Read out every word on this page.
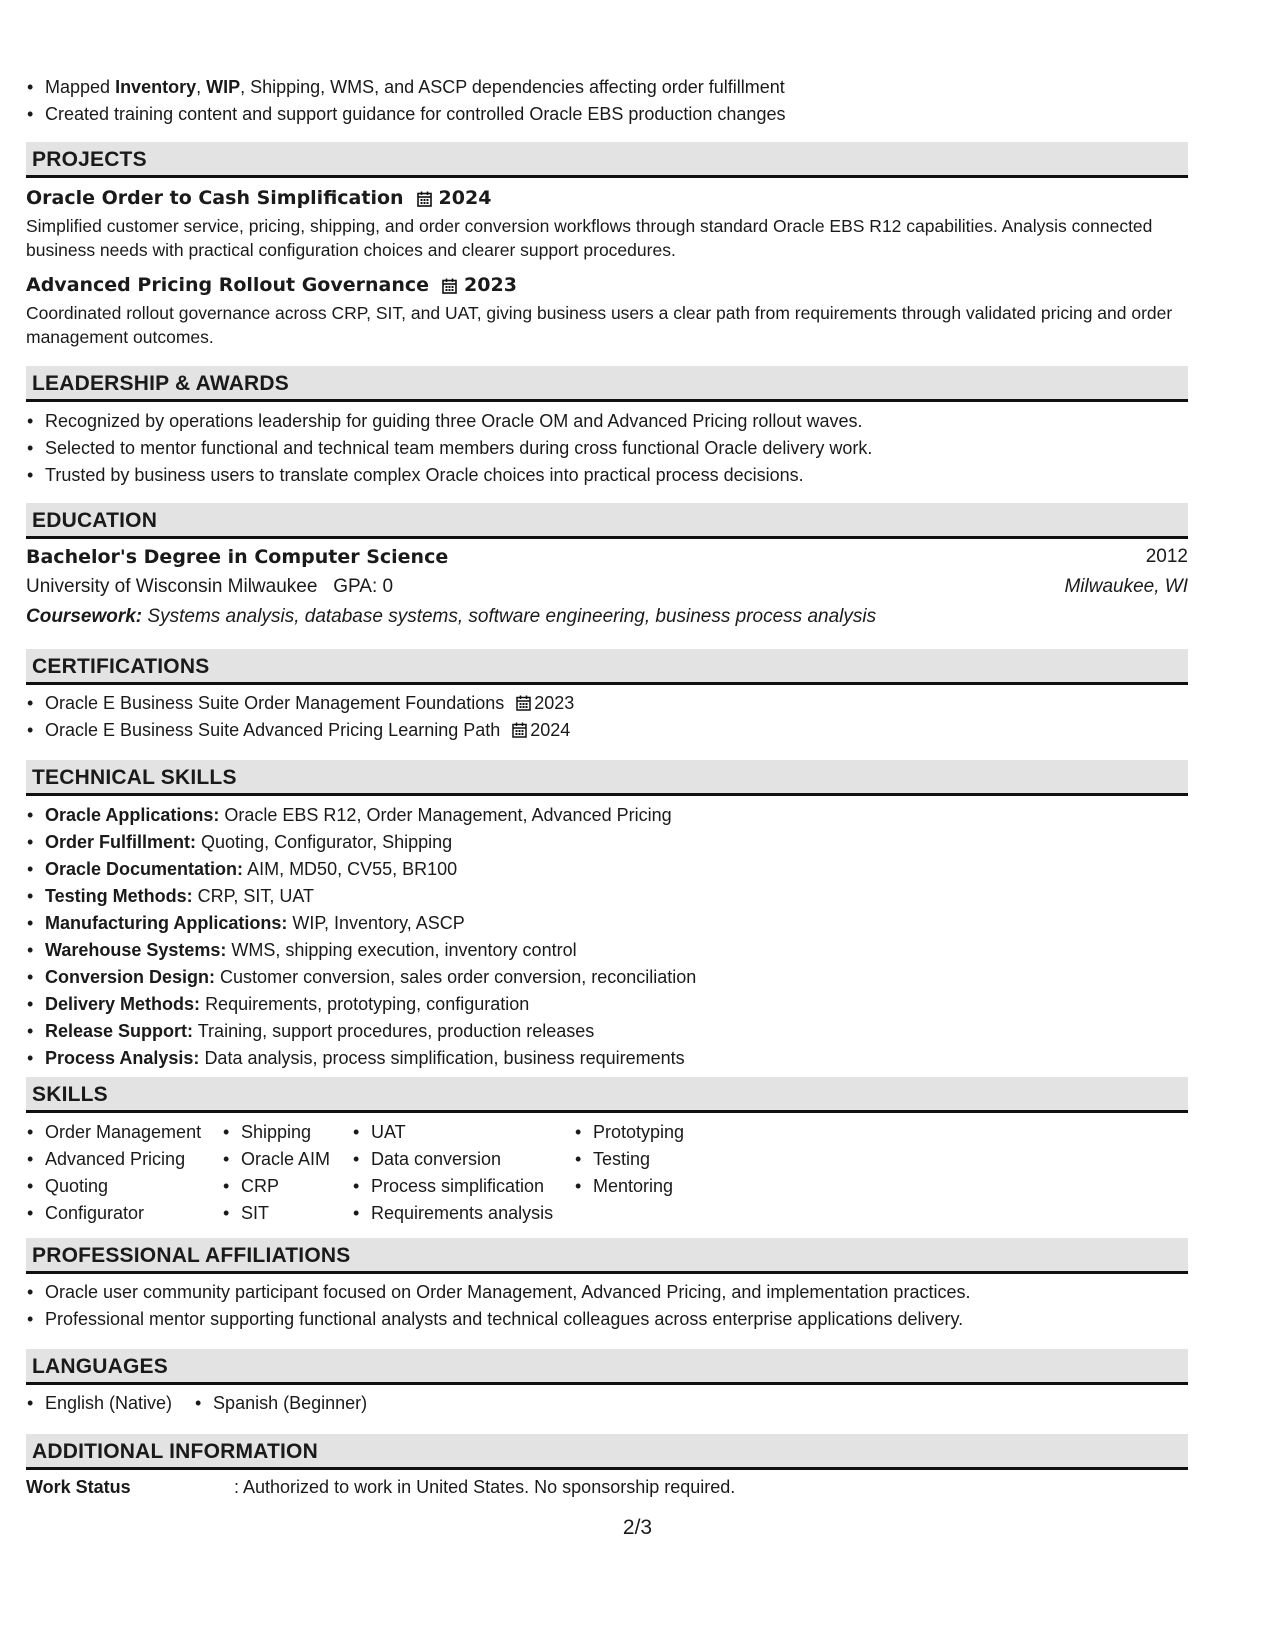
• Mapped Inventory, WIP, Shipping, WMS, and ASCP dependencies affecting order fulfillment
• Created training content and support guidance for controlled Oracle EBS production changes
PROJECTS
Oracle Order to Cash Simplification 2024
Simplified customer service, pricing, shipping, and order conversion workflows through standard Oracle EBS R12 capabilities. Analysis connected business needs with practical configuration choices and clearer support procedures.
Advanced Pricing Rollout Governance 2023
Coordinated rollout governance across CRP, SIT, and UAT, giving business users a clear path from requirements through validated pricing and order management outcomes.
LEADERSHIP & AWARDS
• Recognized by operations leadership for guiding three Oracle OM and Advanced Pricing rollout waves.
• Selected to mentor functional and technical team members during cross functional Oracle delivery work.
• Trusted by business users to translate complex Oracle choices into practical process decisions.
EDUCATION
Bachelor's Degree in Computer Science	2012
University of Wisconsin Milwaukee GPA: 0	Milwaukee, WI
Coursework: Systems analysis, database systems, software engineering, business process analysis
CERTIFICATIONS
• Oracle E Business Suite Order Management Foundations 2023
• Oracle E Business Suite Advanced Pricing Learning Path 2024
TECHNICAL SKILLS
• Oracle Applications: Oracle EBS R12, Order Management, Advanced Pricing
• Order Fulfillment: Quoting, Configurator, Shipping
• Oracle Documentation: AIM, MD50, CV55, BR100
• Testing Methods: CRP, SIT, UAT
• Manufacturing Applications: WIP, Inventory, ASCP
• Warehouse Systems: WMS, shipping execution, inventory control
• Conversion Design: Customer conversion, sales order conversion, reconciliation
• Delivery Methods: Requirements, prototyping, configuration
• Release Support: Training, support procedures, production releases
• Process Analysis: Data analysis, process simplification, business requirements
SKILLS
• Order Management
• Advanced Pricing
• Quoting
• Configurator
• Shipping
• Oracle AIM
• CRP
• SIT
• UAT
• Data conversion
• Process simplification
• Requirements analysis
• Prototyping
• Testing
• Mentoring
PROFESSIONAL AFFILIATIONS
• Oracle user community participant focused on Order Management, Advanced Pricing, and implementation practices.
• Professional mentor supporting functional analysts and technical colleagues across enterprise applications delivery.
LANGUAGES
• English (Native)
•	Spanish (Beginner)
ADDITIONAL INFORMATION
Work Status	: Authorized to work in United States. No sponsorship required.
2/3
